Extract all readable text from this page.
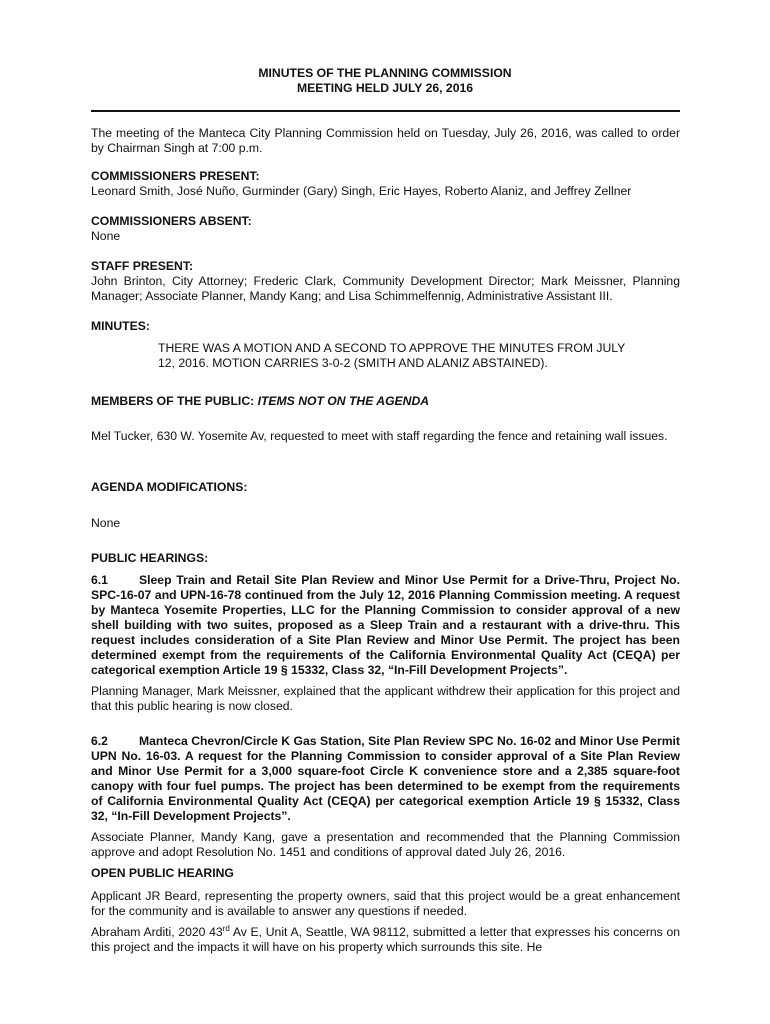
MINUTES OF THE PLANNING COMMISSION
MEETING HELD JULY 26, 2016
The meeting of the Manteca City Planning Commission held on Tuesday, July 26, 2016, was called to order by Chairman Singh at 7:00 p.m.
COMMISSIONERS PRESENT:
Leonard Smith, José Nuño, Gurminder (Gary) Singh, Eric Hayes, Roberto Alaniz, and Jeffrey Zellner
COMMISSIONERS ABSENT:
None
STAFF PRESENT:
John Brinton, City Attorney; Frederic Clark, Community Development Director; Mark Meissner, Planning Manager; Associate Planner, Mandy Kang; and Lisa Schimmelfennig, Administrative Assistant III.
MINUTES:
THERE WAS A MOTION AND A SECOND TO APPROVE THE MINUTES FROM JULY 12, 2016. MOTION CARRIES 3-0-2 (SMITH AND ALANIZ ABSTAINED).
MEMBERS OF THE PUBLIC: ITEMS NOT ON THE AGENDA
Mel Tucker, 630 W. Yosemite Av, requested to meet with staff regarding the fence and retaining wall issues.
AGENDA MODIFICATIONS:
None
PUBLIC HEARINGS:
6.1	Sleep Train and Retail Site Plan Review and Minor Use Permit for a Drive-Thru, Project No. SPC-16-07 and UPN-16-78 continued from the July 12, 2016 Planning Commission meeting. A request by Manteca Yosemite Properties, LLC for the Planning Commission to consider approval of a new shell building with two suites, proposed as a Sleep Train and a restaurant with a drive-thru. This request includes consideration of a Site Plan Review and Minor Use Permit. The project has been determined exempt from the requirements of the California Environmental Quality Act (CEQA) per categorical exemption Article 19 § 15332, Class 32, “In-Fill Development Projects”.
Planning Manager, Mark Meissner, explained that the applicant withdrew their application for this project and that this public hearing is now closed.
6.2	Manteca Chevron/Circle K Gas Station, Site Plan Review SPC No. 16-02 and Minor Use Permit UPN No. 16-03. A request for the Planning Commission to consider approval of a Site Plan Review and Minor Use Permit for a 3,000 square-foot Circle K convenience store and a 2,385 square-foot canopy with four fuel pumps. The project has been determined to be exempt from the requirements of California Environmental Quality Act (CEQA) per categorical exemption Article 19 § 15332, Class 32, “In-Fill Development Projects”.
Associate Planner, Mandy Kang, gave a presentation and recommended that the Planning Commission approve and adopt Resolution No. 1451 and conditions of approval dated July 26, 2016.
OPEN PUBLIC HEARING
Applicant JR Beard, representing the property owners, said that this project would be a great enhancement for the community and is available to answer any questions if needed.
Abraham Arditi, 2020 43rd Av E, Unit A, Seattle, WA 98112, submitted a letter that expresses his concerns on this project and the impacts it will have on his property which surrounds this site. He
